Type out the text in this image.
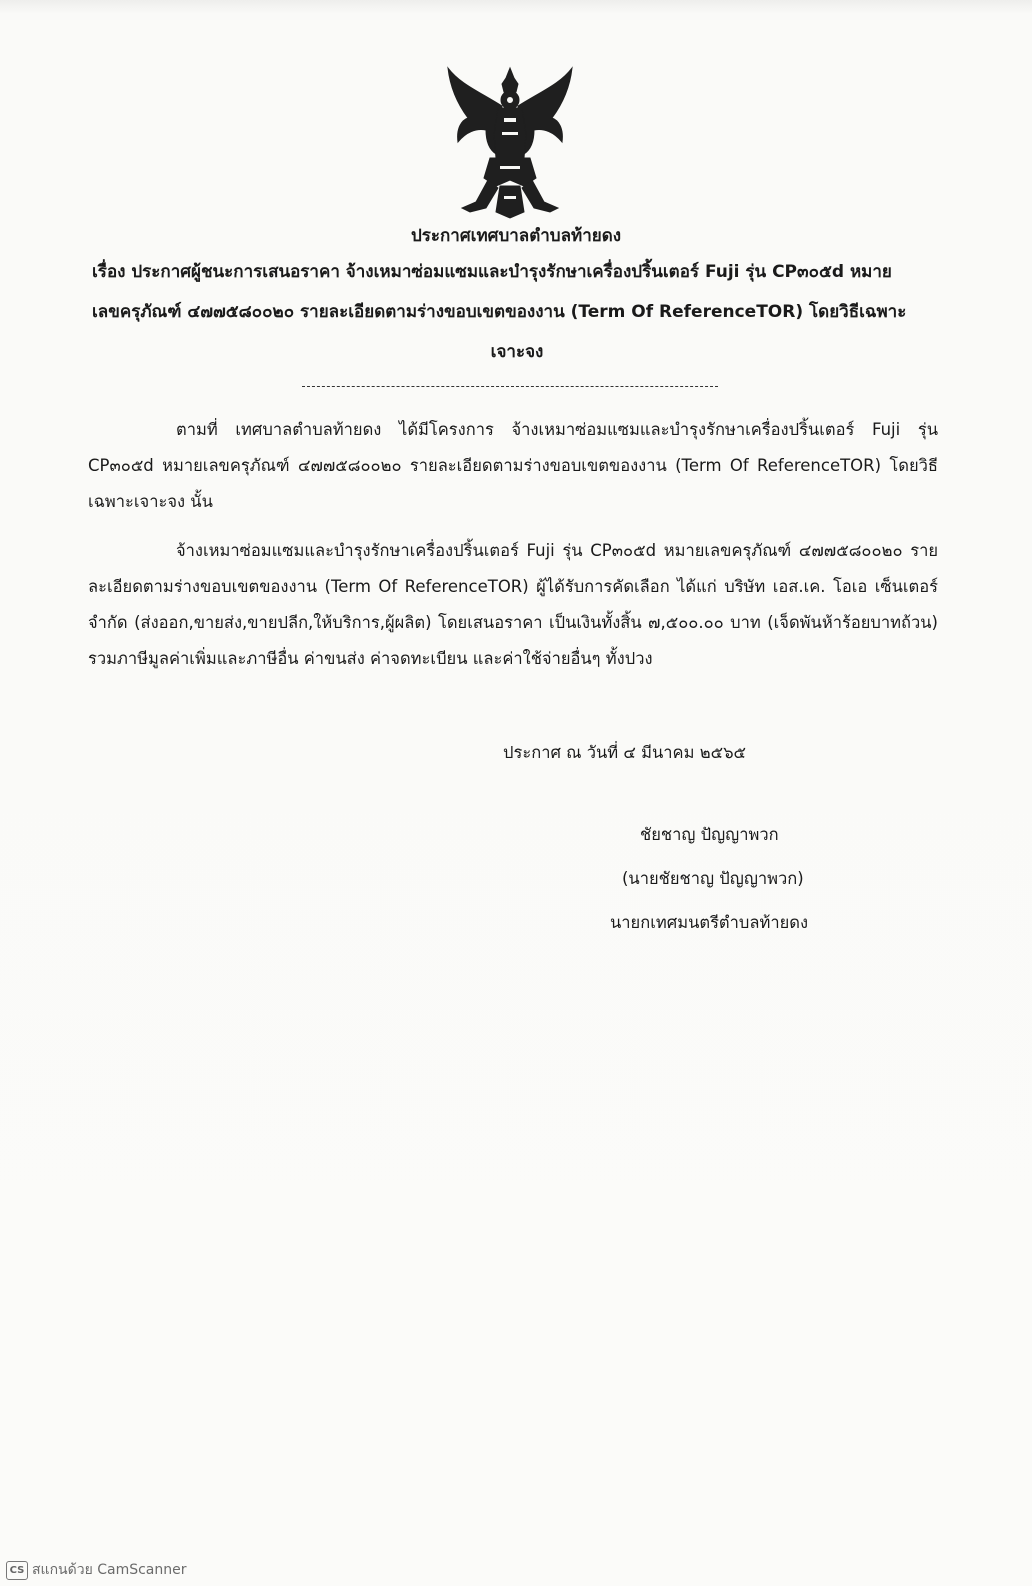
ประกาศเทศบาลตำบลท้ายดง
เรื่อง ประกาศผู้ชนะการเสนอราคา จ้างเหมาซ่อมแซมและบำรุงรักษาเครื่องปริ้นเตอร์ Fuji รุ่น CP๓๐๕d หมาย
เลขครุภัณฑ์ ๔๗๗๕๘๐๐๒๐ รายละเอียดตามร่างขอบเขตของงาน (Term Of ReferenceTOR) โดยวิธีเฉพาะ
เจาะจง
ตามที่ เทศบาลตำบลท้ายดง ได้มีโครงการ จ้างเหมาซ่อมแซมและบำรุงรักษาเครื่องปริ้นเตอร์ Fuji รุ่น CP๓๐๕d หมายเลขครุภัณฑ์ ๔๗๗๕๘๐๐๒๐ รายละเอียดตามร่างขอบเขตของงาน (Term Of ReferenceTOR) โดยวิธีเฉพาะเจาะจง นั้น
จ้างเหมาซ่อมแซมและบำรุงรักษาเครื่องปริ้นเตอร์ Fuji รุ่น CP๓๐๕d หมายเลขครุภัณฑ์ ๔๗๗๕๘๐๐๒๐ รายละเอียดตามร่างขอบเขตของงาน (Term Of ReferenceTOR) ผู้ได้รับการคัดเลือก ได้แก่ บริษัท เอส.เค. โอเอ เซ็นเตอร์ จำกัด (ส่งออก,ขายส่ง,ขายปลีก,ให้บริการ,ผู้ผลิต) โดยเสนอราคา เป็นเงินทั้งสิ้น ๗,๕๐๐.๐๐ บาท (เจ็ดพันห้าร้อยบาทถ้วน) รวมภาษีมูลค่าเพิ่มและภาษีอื่น ค่าขนส่ง ค่าจดทะเบียน และค่าใช้จ่ายอื่นๆ ทั้งปวง
ประกาศ ณ วันที่ ๔ มีนาคม ๒๕๖๕
ชัยชาญ ปัญญาพวก
(นายชัยชาญ ปัญญาพวก)
นายกเทศมนตรีตำบลท้ายดง
CS สแกนด้วย CamScanner
